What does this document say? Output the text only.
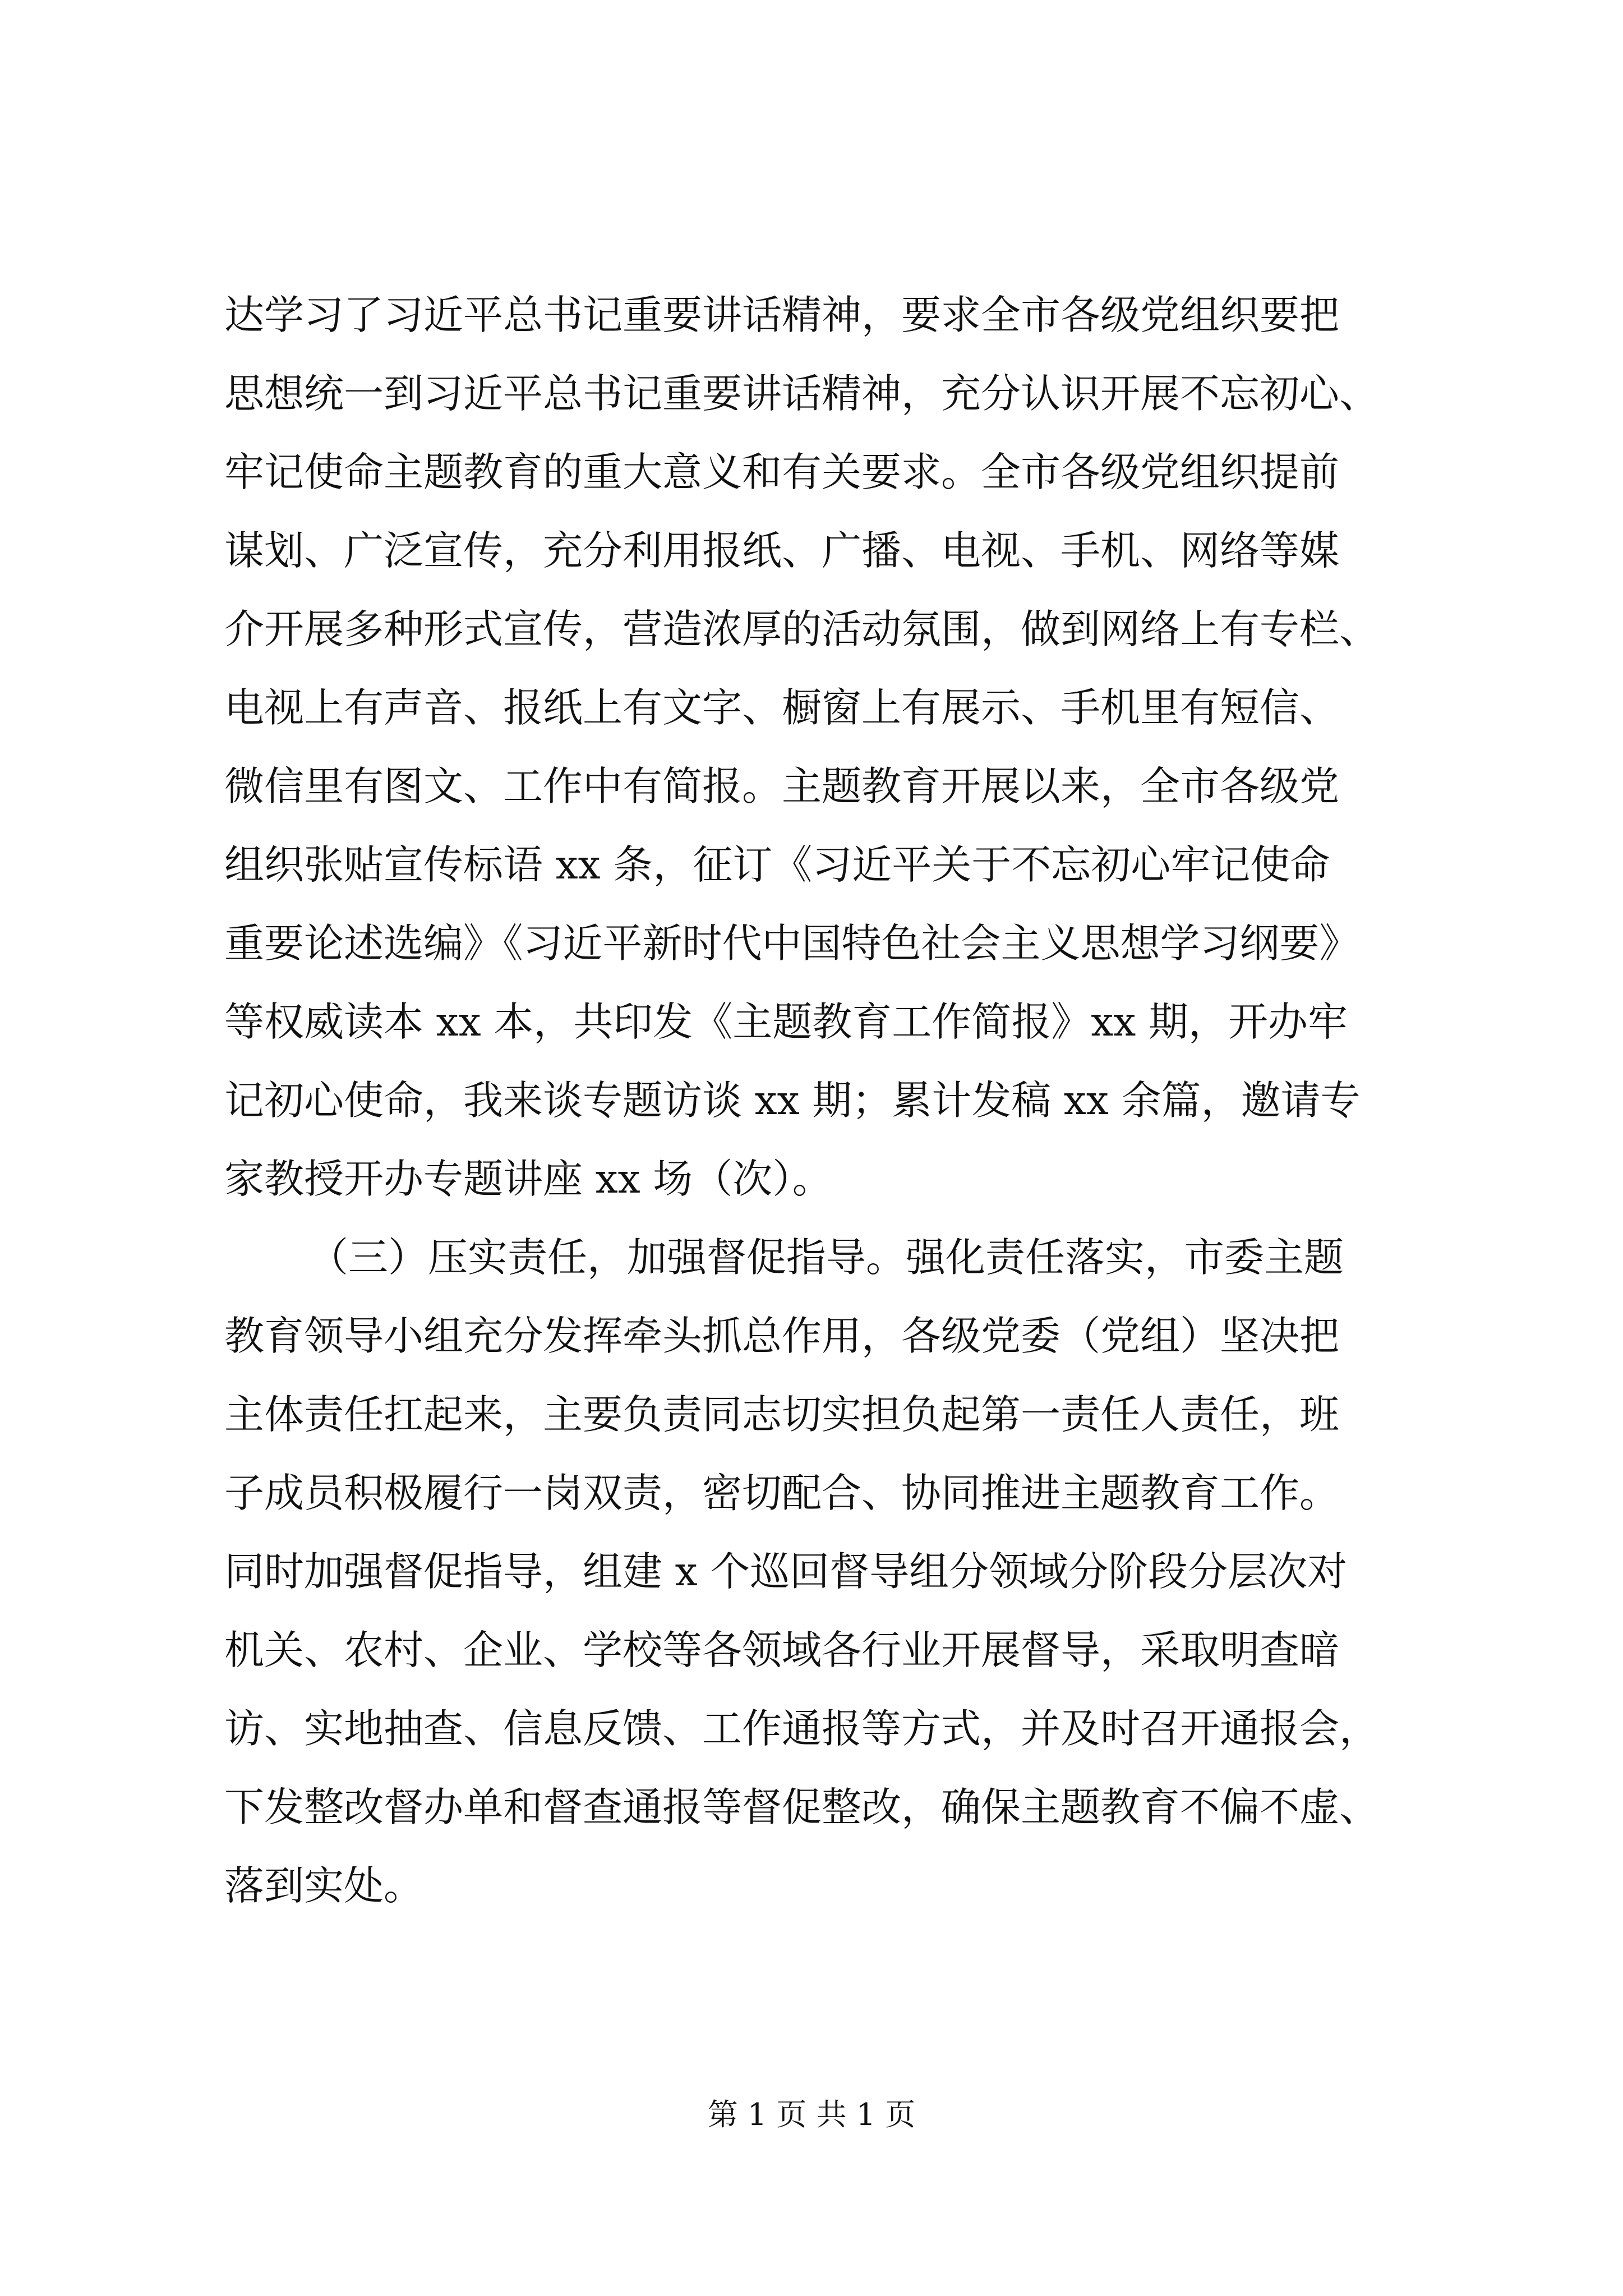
达学习了习近平总书记重要讲话精神，要求全市各级党组织要把
思想统一到习近平总书记重要讲话精神，充分认识开展不忘初心、
牢记使命主题教育的重大意义和有关要求。全市各级党组织提前
谋划、广泛宣传，充分利用报纸、广播、电视、手机、网络等媒
介开展多种形式宣传，营造浓厚的活动氛围，做到网络上有专栏、
电视上有声音、报纸上有文字、橱窗上有展示、手机里有短信、
微信里有图文、工作中有简报。主题教育开展以来，全市各级党
组织张贴宣传标语 xx 条，征订《习近平关于不忘初心牢记使命
重要论述选编》《习近平新时代中国特色社会主义思想学习纲要》
等权威读本 xx 本，共印发《主题教育工作简报》xx 期，开办牢
记初心使命，我来谈专题访谈 xx 期；累计发稿 xx 余篇，邀请专
家教授开办专题讲座 xx 场（次）。
（三）压实责任，加强督促指导。强化责任落实，市委主题
教育领导小组充分发挥牵头抓总作用，各级党委（党组）坚决把
主体责任扛起来，主要负责同志切实担负起第一责任人责任，班
子成员积极履行一岗双责，密切配合、协同推进主题教育工作。
同时加强督促指导，组建 x 个巡回督导组分领域分阶段分层次对
机关、农村、企业、学校等各领域各行业开展督导，采取明查暗
访、实地抽查、信息反馈、工作通报等方式，并及时召开通报会，
下发整改督办单和督查通报等督促整改，确保主题教育不偏不虚、
落到实处。
第 1 页 共 1 页
